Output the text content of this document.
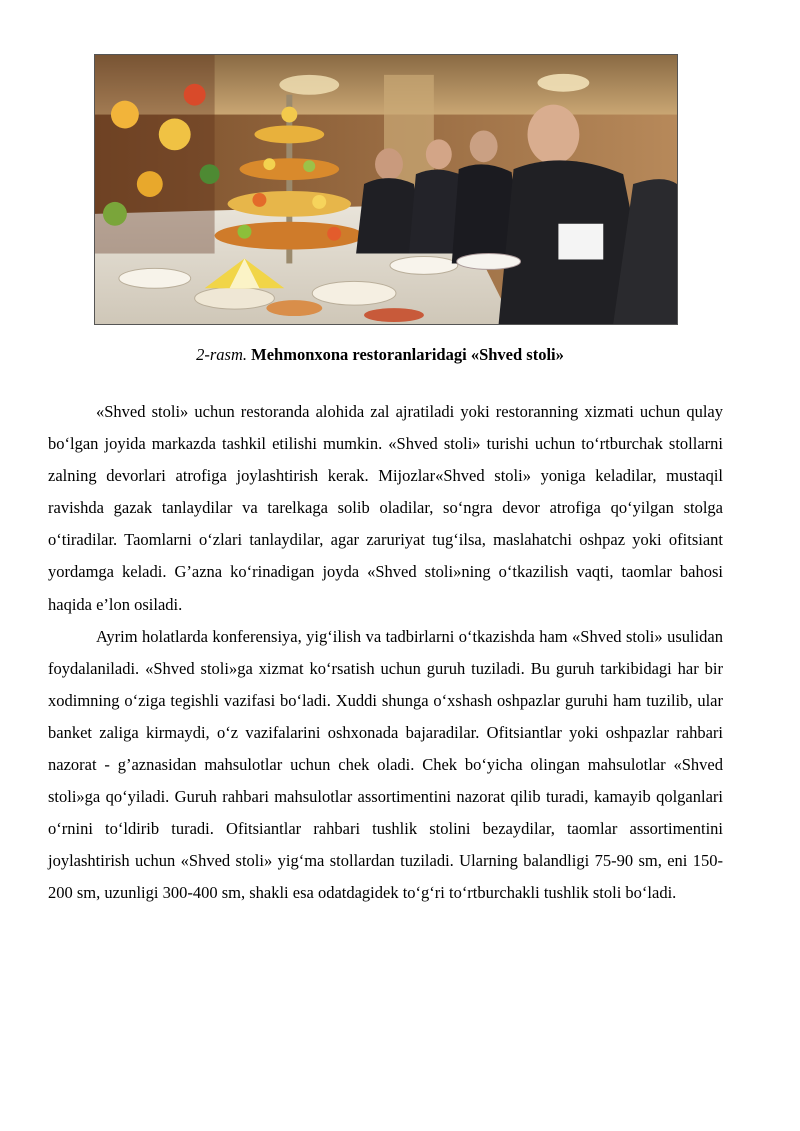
2-rasm. Mehmonxona restoranlaridagi «Shved stoli»

«Shved stoli» uchun restoranda alohida zal ajratiladi yoki restoranning xizmati uchun qulay bo‘lgan joyida markazda tashkil etilishi mumkin. «Shved stoli» turishi uchun to‘rtburchak stollarni zalning devorlari atrofiga joylashtirish kerak. Mijozlar«Shved stoli» yoniga keladilar, mustaqil ravishda gazak tanlaydilar va tarelkaga solib oladilar, so‘ngra devor atrofiga qo‘yilgan stolga o‘tiradilar. Taomlarni o‘zlari tanlaydilar, agar zaruriyat tug‘ilsa, maslahatchi oshpaz yoki ofitsiant yordamga keladi. G’azna ko‘rinadigan joyda «Shved stoli»ning o‘tkazilish vaqti, taomlar bahosi haqida e’lon osiladi.

Ayrim holatlarda konferensiya, yig‘ilish va tadbirlarni o‘tkazishda ham «Shved stoli» usulidan foydalaniladi. «Shved stoli»ga xizmat ko‘rsatish uchun guruh tuziladi. Bu guruh tarkibidagi har bir xodimning o‘ziga tegishli vazifasi bo‘ladi. Xuddi shunga o‘xshash oshpazlar guruhi ham tuzilib, ular banket zaliga kirmaydi, o‘z vazifalarini oshxonada bajaradilar. Ofitsiantlar yoki oshpazlar rahbari nazorat - g’aznasidan mahsulotlar uchun chek oladi. Chek bo‘yicha olingan mahsulotlar «Shved stoli»ga qo‘yiladi. Guruh rahbari mahsulotlar assortimentini nazorat qilib turadi, kamayib qolganlari o‘rnini to‘ldirib turadi. Ofitsiantlar rahbari tushlik stolini bezaydilar, taomlar assortimentini joylashtirish uchun «Shved stoli» yig‘ma stollardan tuziladi. Ularning balandligi 75-90 sm, eni 150-200 sm, uzunligi 300-400 sm, shakli esa odatdagidek to‘g‘ri to‘rtburchakli tushlik stoli bo‘ladi.
